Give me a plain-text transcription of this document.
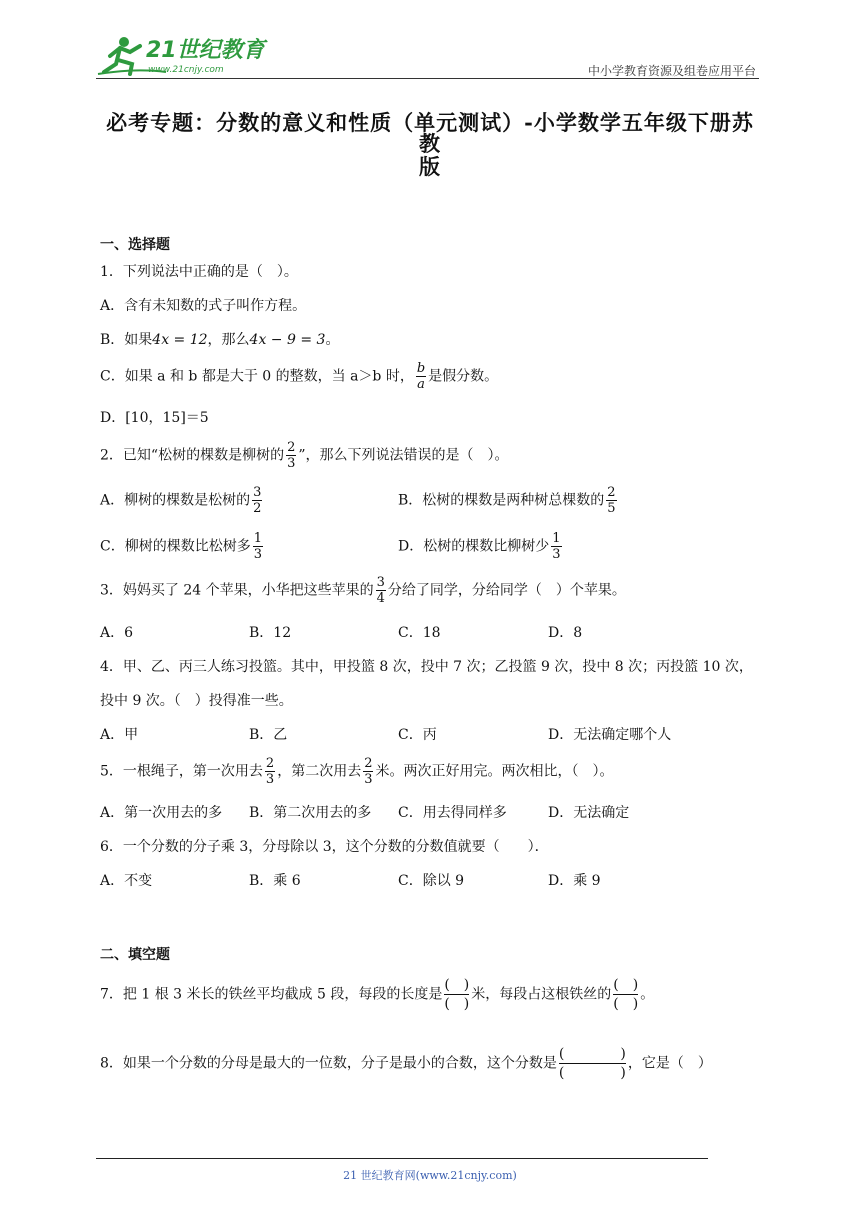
21世纪教育
www.21cnjy.com	中小学教育资源及组卷应用平台
必考专题：分数的意义和性质（单元测试）-小学数学五年级下册苏教
版
一、选择题
1．下列说法中正确的是（　）。
A．含有未知数的式子叫作方程。
B．如果4x = 12，那么4x − 9 = 3。
C．如果 a 和 b 都是大于 0 的整数，当 a＞b 时， $\frac{b}{a}$ 是假分数。
D．[10，15]＝5
2．已知“松树的棵数是柳树的 $\frac{2}{3}$ ”，那么下列说法错误的是（　）。
A．柳树的棵数是松树的 $\frac{3}{2}$	B．松树的棵数是两种树总棵数的 $\frac{2}{5}$
C．柳树的棵数比松树多 $\frac{1}{3}$	D．松树的棵数比柳树少 $\frac{1}{3}$
3．妈妈买了 24 个苹果，小华把这些苹果的 $\frac{3}{4}$ 分给了同学，分给同学（　）个苹果。
A．6	B．12	C．18	D．8
4．甲、乙、丙三人练习投篮。其中，甲投篮 8 次，投中 7 次；乙投篮 9 次，投中 8 次；丙投篮 10 次，
投中 9 次。（　）投得准一些。
A．甲	B．乙	C．丙	D．无法确定哪个人
5．一根绳子，第一次用去 $\frac{2}{3}$ ，第二次用去 $\frac{2}{3}$ 米。两次正好用完。两次相比，（　）。
A．第一次用去的多 B．第二次用去的多 C．用去得同样多	D．无法确定
6．一个分数的分子乘 3，分母除以 3，这个分数的分数值就要（　　）．
A．不变	B．乘 6	C．除以 9	D．乘 9
二、填空题
7．把 1 根 3 米长的铁丝平均截成 5 段，每段的长度是 $\frac{( )}{( )}$ 米，每段占这根铁丝的 $\frac{( )}{( )}$ 。
8．如果一个分数的分母是最大的一位数，分子是最小的合数，这个分数是 $\frac{( )}{( )}$ ，它是（　）
21 世纪教育网(www.21cnjy.com)
